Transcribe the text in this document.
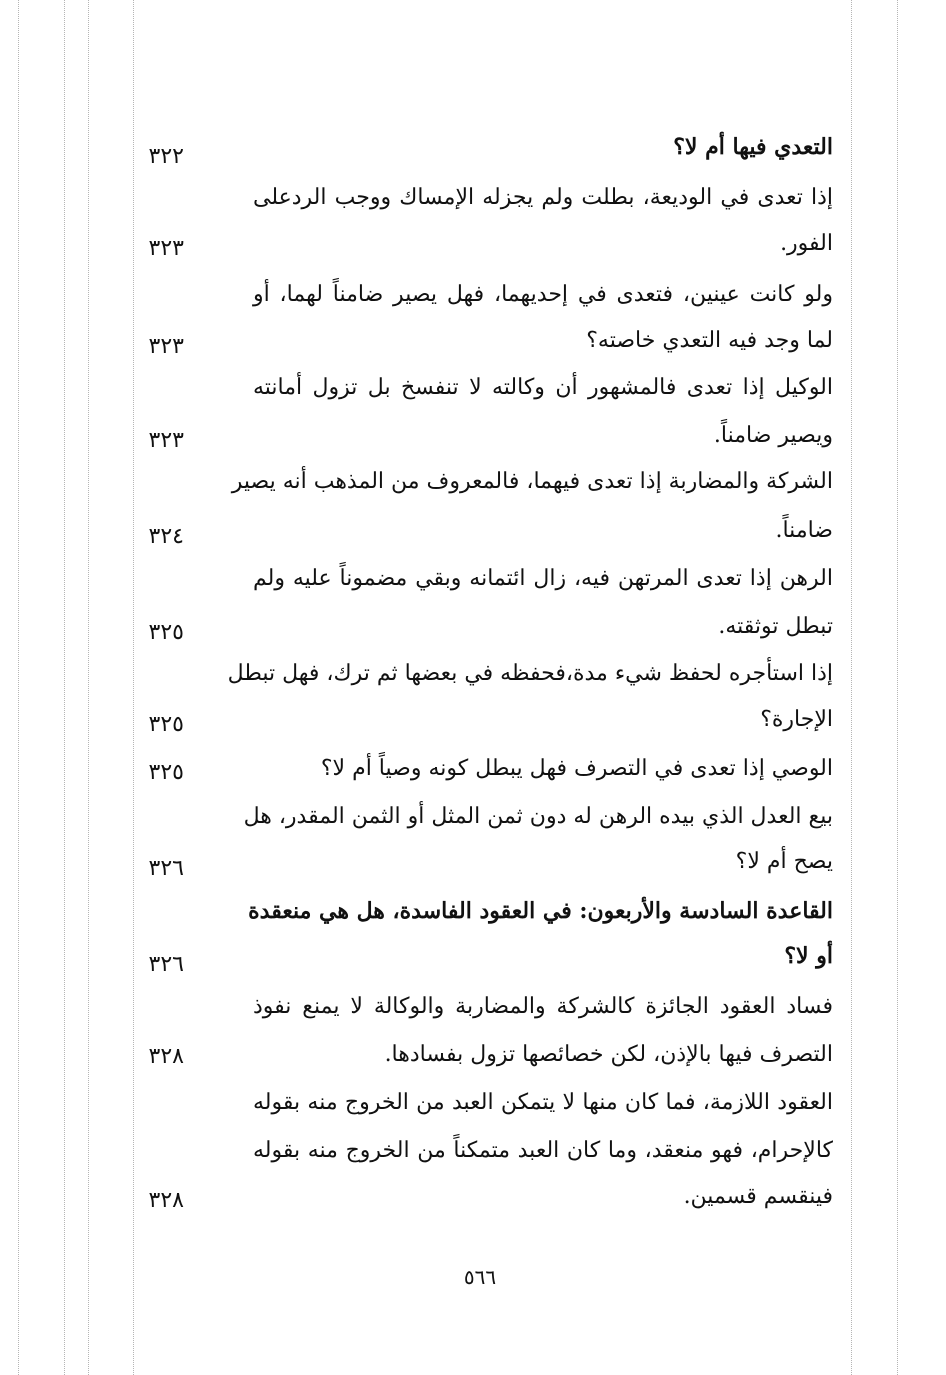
التعدي فيها أم لا؟
٣٢٢
إذا تعدى في الوديعة، بطلت ولم يجزله الإمساك ووجب الردعلى
الفور.
٣٢٣
ولو كانت عينين، فتعدى في إحديهما، فهل يصير ضامناً لهما، أو
لما وجد فيه التعدي خاصته؟
٣٢٣
الوكيل إذا تعدى فالمشهور أن وكالته لا تنفسخ بل تزول أمانته
ويصير ضامناً.
٣٢٣
الشركة والمضاربة إذا تعدى فيهما، فالمعروف من المذهب أنه يصير
ضامناً.
٣٢٤
الرهن إذا تعدى المرتهن فيه، زال ائتمانه وبقي مضموناً عليه ولم
تبطل توثقته.
٣٢٥
إذا استأجره لحفظ شيء مدة،فحفظه في بعضها ثم ترك، فهل تبطل
الإجارة؟
٣٢٥
الوصي إذا تعدى في التصرف فهل يبطل كونه وصياً أم لا؟
٣٢٥
بيع العدل الذي بيده الرهن له دون ثمن المثل أو الثمن المقدر، هل
يصح أم لا؟
٣٢٦
القاعدة السادسة والأربعون: في العقود الفاسدة، هل هي منعقدة
أو لا؟
٣٢٦
فساد العقود الجائزة كالشركة والمضاربة والوكالة لا يمنع نفوذ
التصرف فيها بالإذن، لكن خصائصها تزول بفسادها.
٣٢٨
العقود اللازمة، فما كان منها لا يتمكن العبد من الخروج منه بقوله
كالإحرام، فهو منعقد، وما كان العبد متمكناً من الخروج منه بقوله
فينقسم قسمين.
٣٢٨
٥٦٦
